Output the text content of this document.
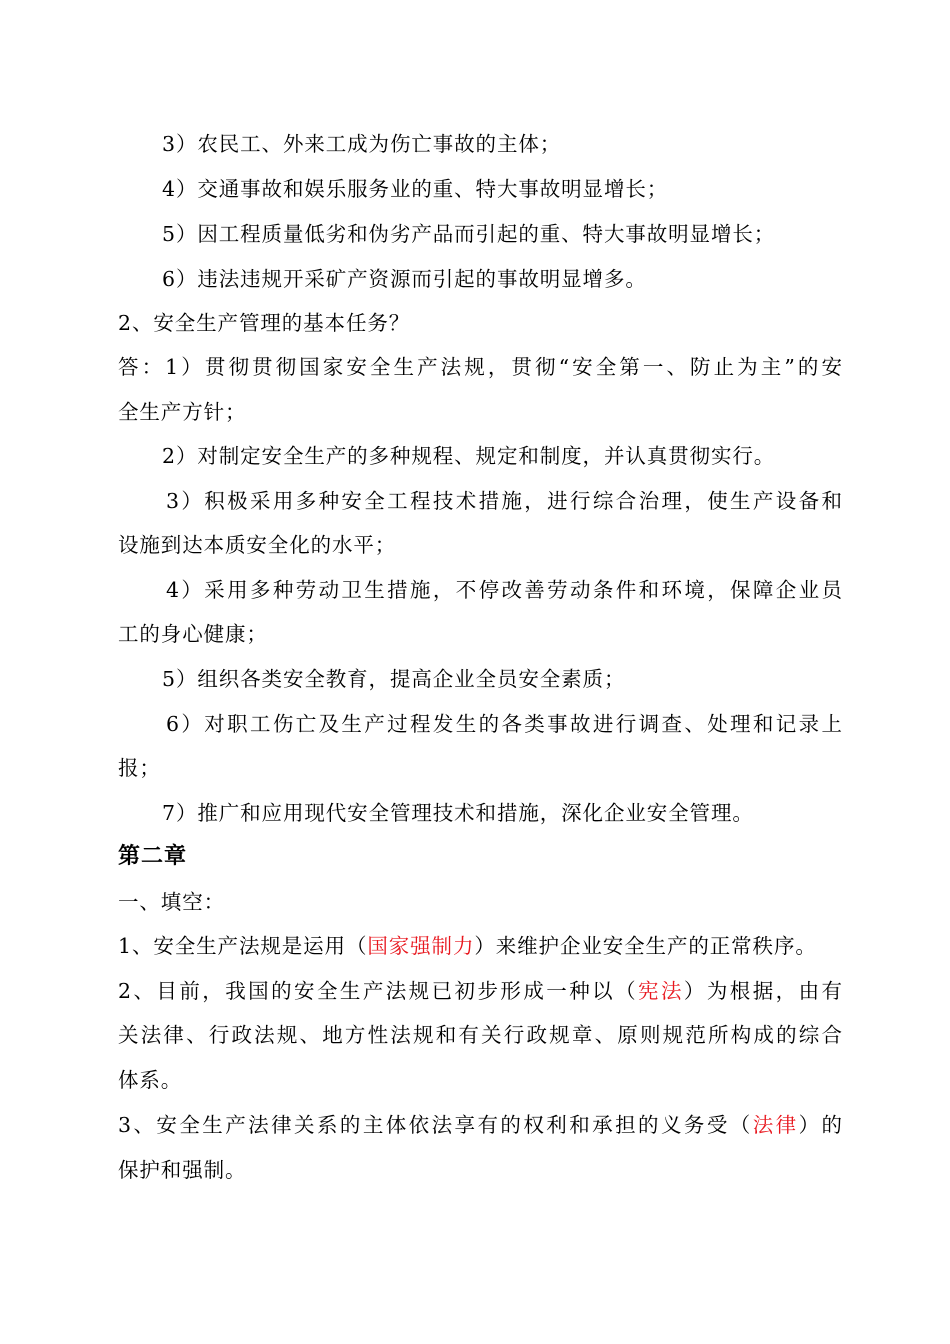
3）农民工、外来工成为伤亡事故的主体；
4）交通事故和娱乐服务业的重、特大事故明显增长；
5）因工程质量低劣和伪劣产品而引起的重、特大事故明显增长；
6）违法违规开采矿产资源而引起的事故明显增多。
2、安全生产管理的基本任务？
答：1）贯彻贯彻国家安全生产法规，贯彻“安全第一、防止为主”的安
全生产方针；
2）对制定安全生产的多种规程、规定和制度，并认真贯彻实行。
3）积极采用多种安全工程技术措施，进行综合治理，使生产设备和
设施到达本质安全化的水平；
4）采用多种劳动卫生措施，不停改善劳动条件和环境，保障企业员
工的身心健康；
5）组织各类安全教育，提高企业全员安全素质；
6）对职工伤亡及生产过程发生的各类事故进行调查、处理和记录上
报；
7）推广和应用现代安全管理技术和措施，深化企业安全管理。
第二章
一、填空：
1、安全生产法规是运用（国家强制力）来维护企业安全生产的正常秩序。
2、目前，我国的安全生产法规已初步形成一种以（宪法）为根据，由有
关法律、行政法规、地方性法规和有关行政规章、原则规范所构成的综合
体系。
3、安全生产法律关系的主体依法享有的权利和承担的义务受（法律）的
保护和强制。
